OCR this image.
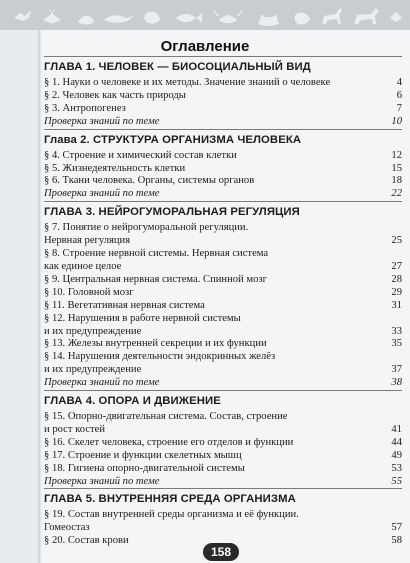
Оглавление
ГЛАВА 1. ЧЕЛОВЕК — БИОСОЦИАЛЬНЫЙ ВИД
§ 1. Науки о человеке и их методы. Значение знаний о человеке	4
§ 2. Человек как часть природы	6
§ 3. Антропогенез	7
Проверка знаний по теме	10
Глава 2. СТРУКТУРА ОРГАНИЗМА ЧЕЛОВЕКА
§ 4. Строение и химический состав клетки	12
§ 5. Жизнедеятельность клетки	15
§ 6. Ткани человека. Органы, системы органов	18
Проверка знаний по теме	22
ГЛАВА 3. НЕЙРОГУМОРАЛЬНАЯ РЕГУЛЯЦИЯ
§ 7. Понятие о нейрогуморальной регуляции.
Нервная регуляция	25
§ 8. Строение нервной системы. Нервная система
как единое целое	27
§ 9. Центральная нервная система. Спинной мозг	28
§ 10. Головной мозг	29
§ 11. Вегетативная нервная система	31
§ 12. Нарушения в работе нервной системы
и их предупреждение	33
§ 13. Железы внутренней секреции и их функции	35
§ 14. Нарушения деятельности эндокринных желёз
и их предупреждение	37
Проверка знаний по теме	38
ГЛАВА 4. ОПОРА И ДВИЖЕНИЕ
§ 15. Опорно-двигательная система. Состав, строение
и рост костей	41
§ 16. Скелет человека, строение его отделов и функции	44
§ 17. Строение и функции скелетных мышц	49
§ 18. Гигиена опорно-двигательной системы	53
Проверка знаний по теме	55
ГЛАВА 5. ВНУТРЕННЯЯ СРЕДА ОРГАНИЗМА
§ 19. Состав внутренней среды организма и её функции.
Гомеостаз	57
§ 20. Состав крови	58
158
